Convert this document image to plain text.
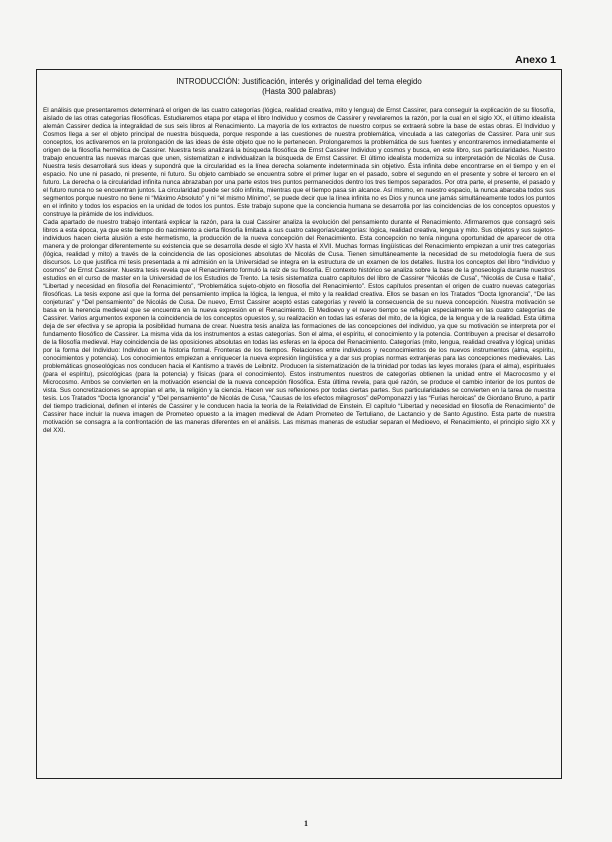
Anexo 1
INTRODUCCIÓN: Justificación, interés y originalidad del tema elegido
(Hasta 300 palabras)

El análisis que presentaremos determinará el origen de las cuatro categorías (lógica, realidad creativa, mito y lengua) de Ernst Cassirer, para conseguir la explicación de su filosofía, aislado de las otras categorías filosóficas. Estudiaremos etapa por etapa el libro Individuo y cosmos de Cassirer y revelaremos la razón, por la cual en el siglo XX, el último idealista alemán Cassirer dedica la integralidad de sus seis libros al Renacimiento. La mayoría de los extractos de nuestro corpus se extraerá sobre la base de estas obras. El Individuo y Cosmos llega a ser el objeto principal de nuestra búsqueda, porque responde a las cuestiones de nuestra problemática, vinculada a las categorías de Cassirer. Para unir sus conceptos, los activaremos en la prolongación de las ideas de éste objeto que no le pertenecen. Prolongaremos la problemática de sus fuentes y encontraremos inmediatamente el origen de la filosofía hermética de Cassirer. Nuestra tesis analizará la búsqueda filosófica de Ernst Cassirer Individuo y cosmos y busca, en este libro, sus particularidades. Nuestro trabajo encuentra las nuevas marcas que unen, sistematizan e individualizan la búsqueda de Ernst Cassirer. El último idealista moderniza su interpretación de Nicolás de Cusa. Nuestra tesis desarrollará sus ideas y supondrá que la circularidad es la línea derecha solamente indeterminada sin objetivo. Ésta infinita debe encontrarse en el tiempo y en el espacio. No une ni pasado, ni presente, ni futuro. Su objeto cambiado se encuentra sobre el primer lugar en el pasado, sobre el segundo en el presente y sobre el tercero en el futuro. La derecha o la circularidad infinita nunca abrazaban por una parte estos tres puntos permanecidos dentro los tres tiempos separados. Por otra parte, el presente, el pasado y el futuro nunca no se encuentran juntos. La circularidad puede ser sólo infinita, mientras que el tiempo pasa sin alcance. Así mismo, en nuestro espacio, la nunca abarcaba todos sus segmentos porque nuestro no tiene ni “Máximo Absoluto” y ni “el mismo Mínimo”, se puede decir que la línea infinita no es Dios y nunca une jamás simultáneamente todos los puntos en el infinito y todos los espacios en la unidad de todos los puntos. Este trabajo supone que la conciencia humana se desarrolla por las coincidencias de los conceptos opuestos y construye la pirámide de los individuos.

Cada apartado de nuestro trabajo intentará explicar la razón, para la cual Cassirer analiza la evolución del pensamiento durante el Renacimiento. Afirmaremos que consagró seis libros a esta época, ya que este tiempo dio nacimiento a cierta filosofía limitada a sus cuatro categorías/categorías: lógica, realidad creativa, lengua y mito. Sus objetos y sus sujetos-individuos hacen cierta alusión a este hermetismo, la producción de la nueva concepción del Renacimiento. Esta concepción no tenía ninguna oportunidad de aparecer de otra manera y de prolongar diferentemente su existencia que se desarrolla desde el siglo XV hasta el XVII. Muchas formas lingüísticas del Renacimiento empiezan a unir tres categorías (lógica, realidad y mito) a través de la coincidencia de las oposiciones absolutas de Nicolás de Cusa. Tienen simultáneamente la necesidad de su metodología fuera de sus discursos. Lo que justifica mi tesis presentada a mi admisión en la Universidad se integra en la estructura de un examen de los detalles. Ilustra los conceptos del libro “Individuo y cosmos” de Ernst Cassirer. Nuestra tesis revela que el Renacimiento formuló la raíz de su filosofía. El contexto histórico se analiza sobre la base de la gnoseología durante nuestros estudios en el curso de master en la Universidad de los Estudios de Trento. La tesis sistematiza cuatro capítulos del libro de Cassirer “Nicolás de Cusa”, “Nicolás de Cusa e Italia”, “Libertad y necesidad en filosofía del Renacimiento”, “Problemática sujeto-objeto en filosofía del Renacimiento”. Estos capítulos presentan el origen de cuatro nuevas categorías filosóficas. La tesis expone así que la forma del pensamiento implica la lógica, la lengua, el mito y la realidad creativa. Ellos se basan en los Tratados “Docta Ignorancia”, “De las conjeturas” y “Del pensamiento” de Nicolás de Cusa. De nuevo, Ernst Cassirer aceptó estas categorías y reveló la consecuencia de su nueva concepción. Nuestra motivación se basa en la herencia medieval que se encuentra en la nueva expresión en el Renacimiento. El Medioevo y el nuevo tiempo se reflejan especialmente en las cuatro categorías de Cassirer. Varios argumentos exponen la coincidencia de los conceptos opuestos y, su realización en todas las esferas del mito, de la lógica, de la lengua y de la realidad. Esta última deja de ser efectiva y se apropia la posibilidad humana de crear. Nuestra tesis analiza las formaciones de las concepciones del individuo, ya que su motivación se interpreta por el fundamento filosófico de Cassirer. La misma vida da los instrumentos a estas categorías. Son el alma, el espíritu, el conocimiento y la potencia. Contribuyen a precisar el desarrollo de la filosofía medieval. Hay coincidencia de las oposiciones absolutas en todas las esferas en la época del Renacimiento. Categorías (mito, lengua, realidad creativa y lógica) unidas por la forma del Individuo: Individuo en la historia formal. Fronteras de los tiempos. Relaciones entre individuos y reconocimientos de los nuevos instrumentos (alma, espíritu, conocimientos y potencia). Los conocimientos empiezan a enriquecer la nueva expresión lingüística y a dar sus propias normas extranjeras para las concepciones medievales. Las problemáticas gnoseológicas nos conducen hacia el Kantismo a través de Leibnitz. Producen la sistematización de la trinidad por todas las leyes morales (para el alma), espirituales (para el espíritu), psicológicas (para la potencia) y físicas (para el conocimiento). Estos instrumentos nuestros de categorías obtienen la unidad entre el Macrocosmo y el Microcosmo. Ambos se convierten en la motivación esencial de la nueva concepción filosófica. Esta última revela, para qué razón, se produce el cambio interior de los puntos de vista. Sus concretizaciones se apropian el arte, la religión y la ciencia. Hacen ver sus reflexiones por todas ciertas partes. Sus particularidades se convierten en la tarea de nuestra tesis. Los Tratados “Docta Ignorancia” y “Del pensamiento” de Nicolás de Cusa, “Causas de los efectos milagrosos” dePomponazzi y las “Furias heroicas” de Giordano Bruno, a partir del tiempo tradicional, definen el interés de Cassirer y le conducen hacia la teoría de la Relatividad de Einstein. El capítulo “Libertad y necesidad en filosofía de Renacimiento” de Cassirer hace incluir la nueva imagen de Prometeo opuesto a la imagen medieval de Adam Prometeo de Tertuliano, de Lactancio y de Santo Agustino. Esta parte de nuestra motivación se consagra a la confrontación de las maneras diferentes en el análisis. Las mismas maneras de estudiar separan el Medioevo, el Renacimiento, el principio siglo XX y del XXI.

1
